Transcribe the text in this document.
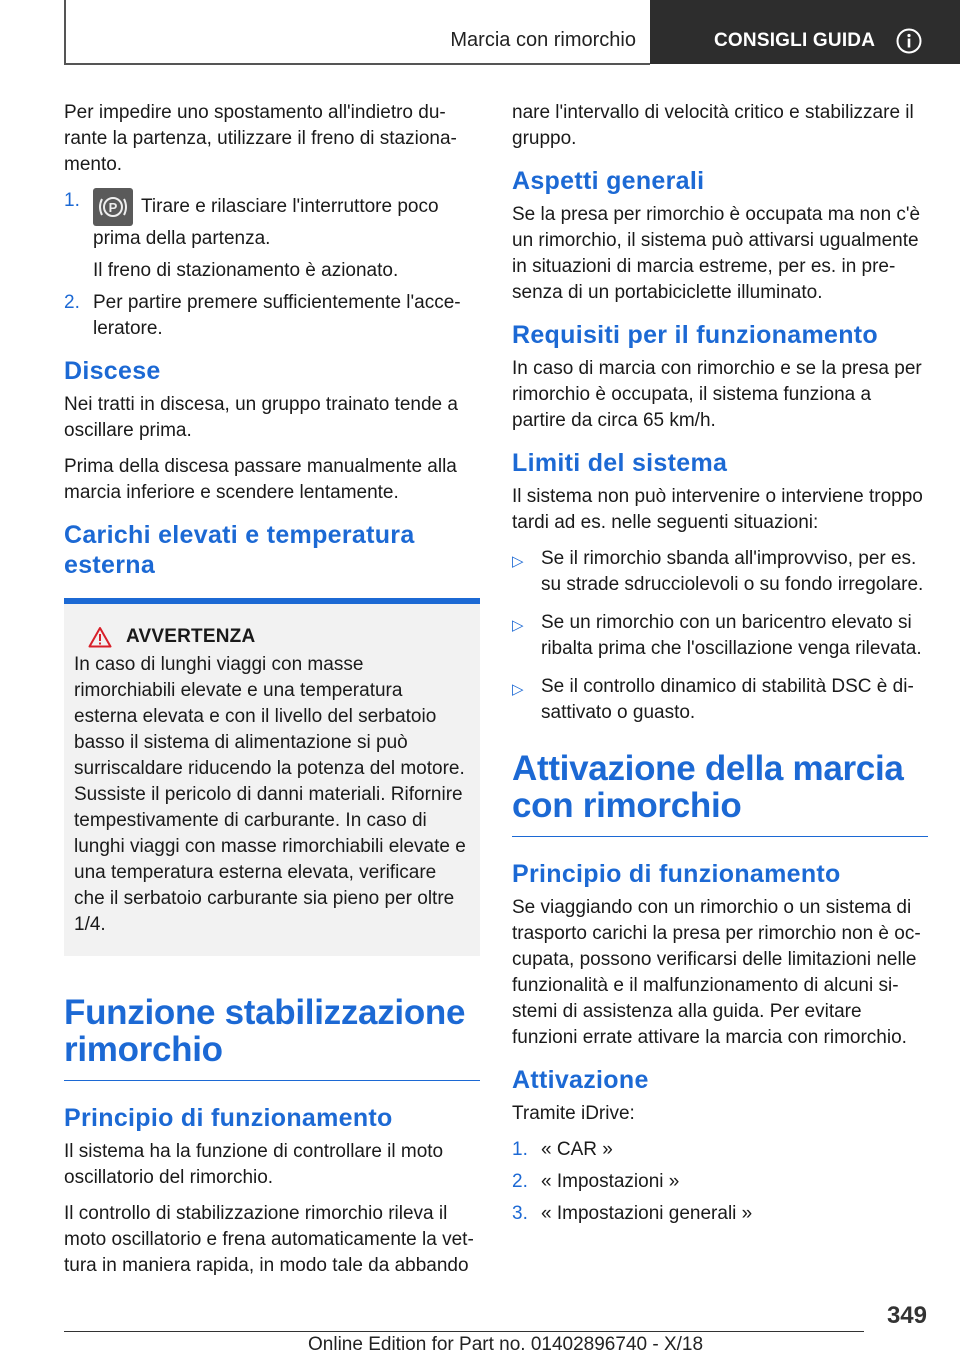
Marcia con rimorchio	CONSIGLI GUIDA

Per impedire uno spostamento all'indietro durante la partenza, utilizzare il freno di stazionamento.

1. P Tirare e rilasciare l'interruttore poco prima della partenza.
Il freno di stazionamento è azionato.
2. Per partire premere sufficientemente l'acceleratore.
Discese

Nei tratti in discesa, un gruppo trainato tende a oscillare prima.

Prima della discesa passare manualmente alla marcia inferiore e scendere lentamente.

Carichi elevati e temperatura esterna
AVVERTENZA

In caso di lunghi viaggi con masse rimorchiabili elevate e una temperatura esterna elevata e con il livello del serbatoio basso il sistema di alimentazione si può surriscaldare riducendo la potenza del motore. Sussiste il pericolo di danni materiali. Rifornire tempestivamente di carburante. In caso di lunghi viaggi con masse rimorchiabili elevate e una temperatura esterna elevata, verificare che il serbatoio carburante sia pieno per oltre 1/4.

Funzione stabilizzazione rimorchio
Principio di funzionamento

Il sistema ha la funzione di controllare il moto oscillatorio del rimorchio.

Il controllo di stabilizzazione rimorchio rileva il moto oscillatorio e frena automaticamente la vettura in maniera rapida, in modo tale da abbando

nare l'intervallo di velocità critico e stabilizzare il gruppo.

Aspetti generali

Se la presa per rimorchio è occupata ma non c'è un rimorchio, il sistema può attivarsi ugualmente in situazioni di marcia estreme, per es. in presenza di un portabiciclette illuminato.

Requisiti per il funzionamento

In caso di marcia con rimorchio e se la presa per rimorchio è occupata, il sistema funziona a partire da circa 65 km/h.

Limiti del sistema

Il sistema non può intervenire o interviene troppo tardi ad es. nelle seguenti situazioni:

▷ Se il rimorchio sbanda all'improvviso, per es. su strade sdrucciolevoli o su fondo irregolare.
▷ Se un rimorchio con un baricentro elevato si ribalta prima che l'oscillazione venga rilevata.
▷ Se il controllo dinamico di stabilità DSC è disattivato o guasto.
Attivazione della marcia con rimorchio
Principio di funzionamento

Se viaggiando con un rimorchio o un sistema di trasporto carichi la presa per rimorchio non è occupata, possono verificarsi delle limitazioni nelle funzionalità e il malfunzionamento di alcuni sistemi di assistenza alla guida. Per evitare funzioni errate attivare la marcia con rimorchio.

Attivazione

Tramite iDrive:

1. « CAR »
2. « Impostazioni »
3. « Impostazioni generali »
349
Online Edition for Part no. 01402896740 - X/18
